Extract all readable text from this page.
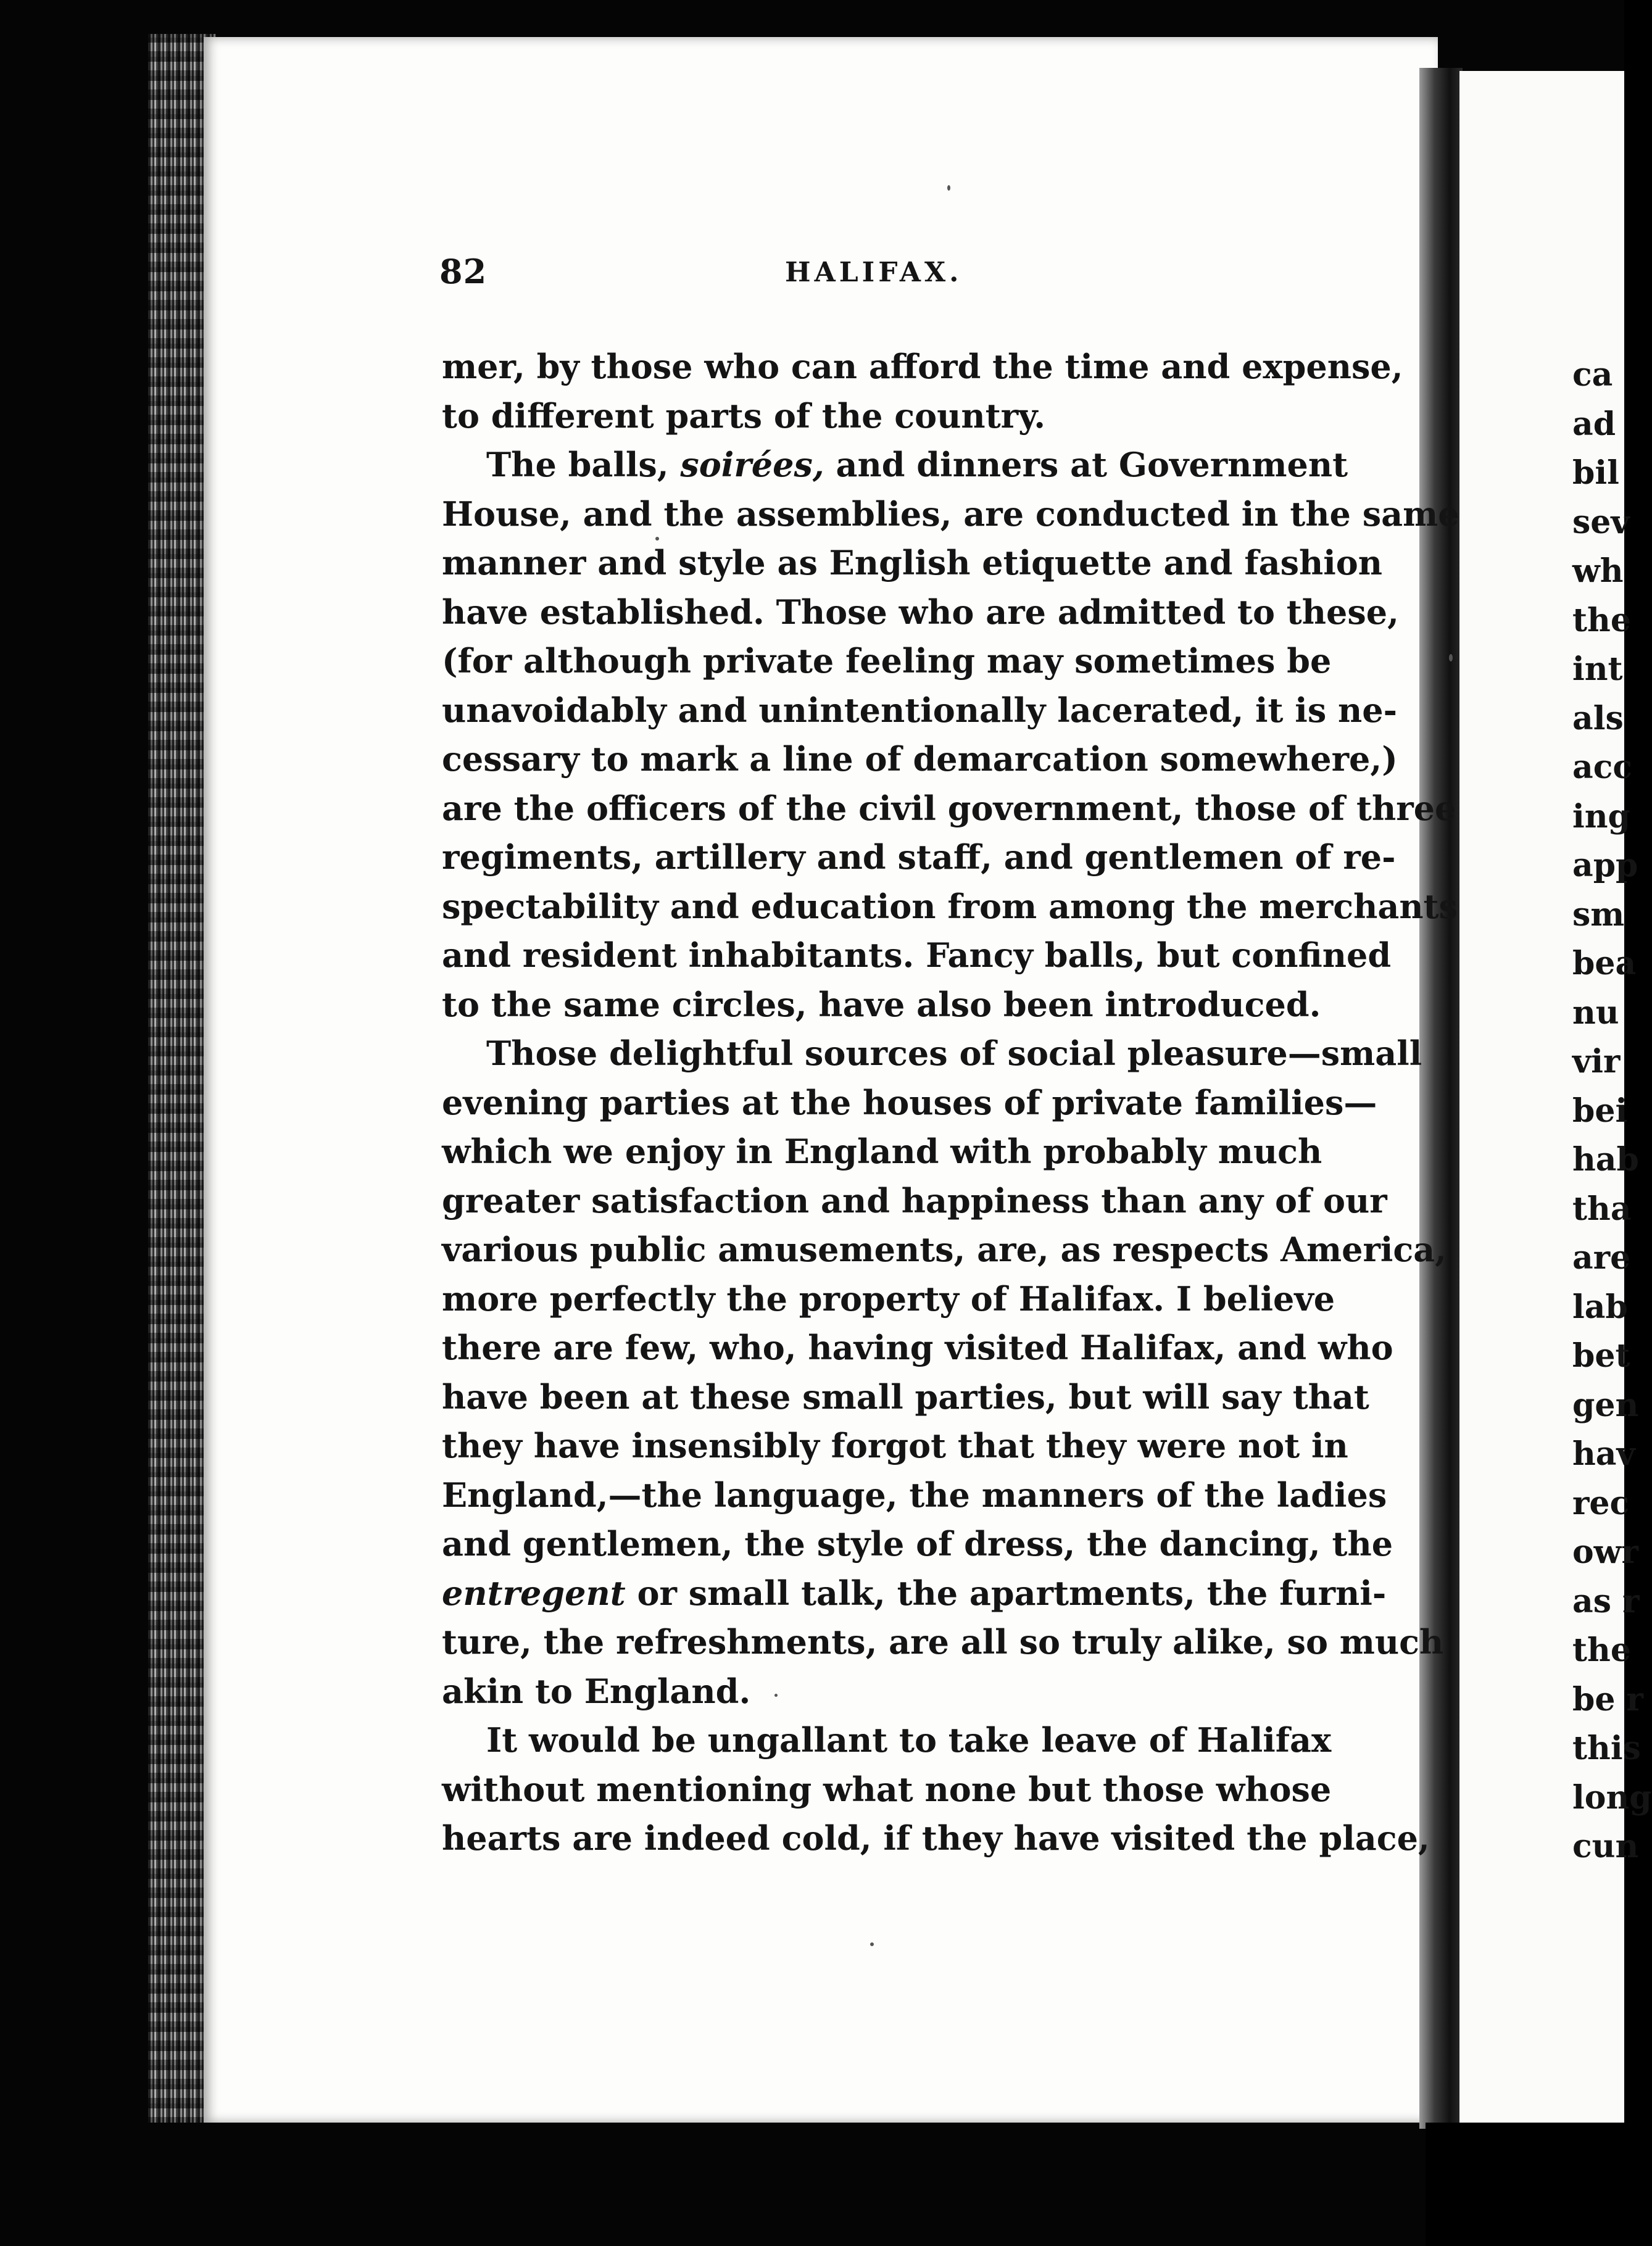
82	HALIFAX.
mer, by those who can afford the time and expense,
to different parts of the country.
The balls, soirées, and dinners at Government
House, and the assemblies, are conducted in the same
manner and style as English etiquette and fashion
have established. Those who are admitted to these,
(for although private feeling may sometimes be
unavoidably and unintentionally lacerated, it is ne-
cessary to mark a line of demarcation somewhere,)
are the officers of the civil government, those of three
regiments, artillery and staff, and gentlemen of re-
spectability and education from among the merchants
and resident inhabitants. Fancy balls, but confined
to the same circles, have also been introduced.
Those delightful sources of social pleasure—small
evening parties at the houses of private families—
which we enjoy in England with probably much
greater satisfaction and happiness than any of our
various public amusements, are, as respects America,
more perfectly the property of Halifax. I believe
there are few, who, having visited Halifax, and who
have been at these small parties, but will say that
they have insensibly forgot that they were not in
England,—the language, the manners of the ladies
and gentlemen, the style of dress, the dancing, the
entregent or small talk, the apartments, the furni-
ture, the refreshments, are all so truly alike, so much
akin to England.
It would be ungallant to take leave of Halifax
without mentioning what none but those whose
hearts are indeed cold, if they have visited the place,
ca
ad
bil
sev
wh
the
int
als
acc
ing
app
sm
bea
nu
vir
bei
hab
tha
are
lab
bet
gen
hav
rec
owr
as r
the
be r
this
long
cun
